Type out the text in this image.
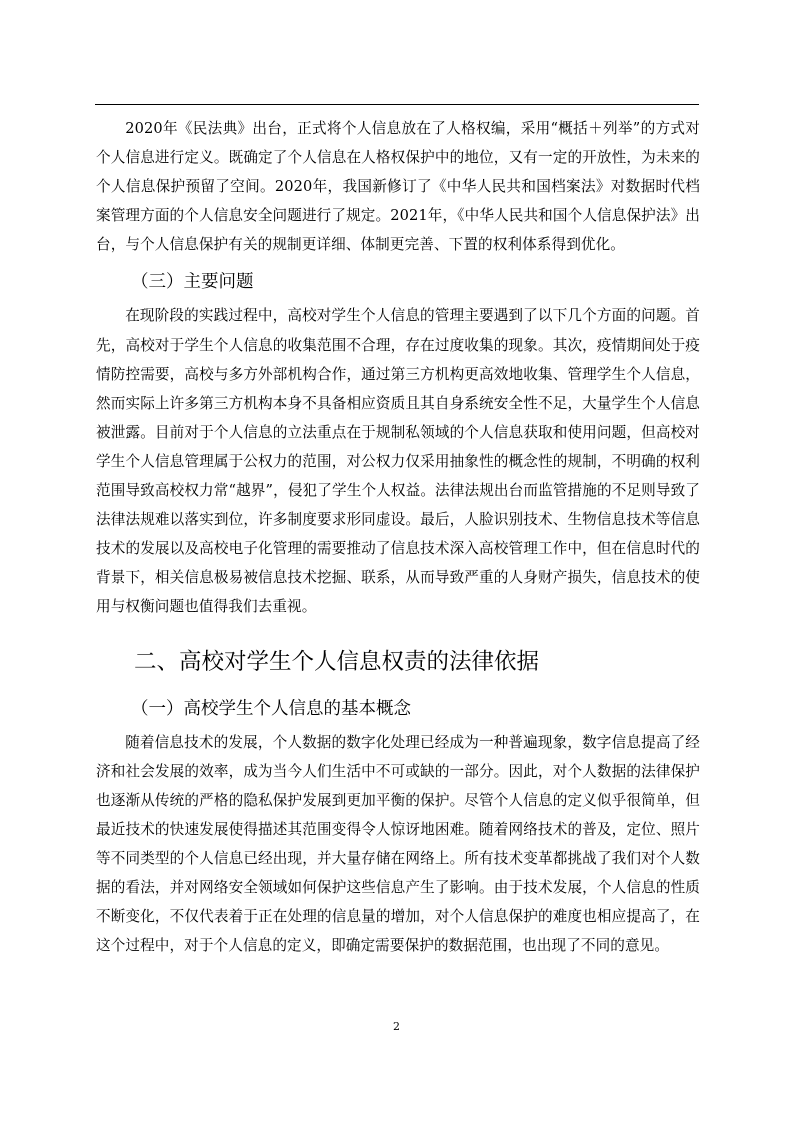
2020年《民法典》出台，正式将个人信息放在了人格权编，采用“概括＋列举”的方式对个人信息进行定义。既确定了个人信息在人格权保护中的地位，又有一定的开放性，为未来的个人信息保护预留了空间。2020年，我国新修订了《中华人民共和国档案法》对数据时代档案管理方面的个人信息安全问题进行了规定。2021年，《中华人民共和国个人信息保护法》出台，与个人信息保护有关的规制更详细、体制更完善、下置的权利体系得到优化。

（三）主要问题

在现阶段的实践过程中，高校对学生个人信息的管理主要遇到了以下几个方面的问题。首先，高校对于学生个人信息的收集范围不合理，存在过度收集的现象。其次，疫情期间处于疫情防控需要，高校与多方外部机构合作，通过第三方机构更高效地收集、管理学生个人信息，然而实际上许多第三方机构本身不具备相应资质且其自身系统安全性不足，大量学生个人信息被泄露。目前对于个人信息的立法重点在于规制私领域的个人信息获取和使用问题，但高校对学生个人信息管理属于公权力的范围，对公权力仅采用抽象性的概念性的规制，不明确的权利范围导致高校权力常“越界”，侵犯了学生个人权益。法律法规出台而监管措施的不足则导致了法律法规难以落实到位，许多制度要求形同虚设。最后，人脸识别技术、生物信息技术等信息技术的发展以及高校电子化管理的需要推动了信息技术深入高校管理工作中，但在信息时代的背景下，相关信息极易被信息技术挖掘、联系，从而导致严重的人身财产损失，信息技术的使用与权衡问题也值得我们去重视。

二、高校对学生个人信息权责的法律依据
（一）高校学生个人信息的基本概念

随着信息技术的发展，个人数据的数字化处理已经成为一种普遍现象，数字信息提高了经济和社会发展的效率，成为当今人们生活中不可或缺的一部分。因此，对个人数据的法律保护也逐渐从传统的严格的隐私保护发展到更加平衡的保护。尽管个人信息的定义似乎很简单，但最近技术的快速发展使得描述其范围变得令人惊讶地困难。随着网络技术的普及，定位、照片等不同类型的个人信息已经出现，并大量存储在网络上。所有技术变革都挑战了我们对个人数据的看法，并对网络安全领域如何保护这些信息产生了影响。由于技术发展，个人信息的性质不断变化，不仅代表着于正在处理的信息量的增加，对个人信息保护的难度也相应提高了，在这个过程中，对于个人信息的定义，即确定需要保护的数据范围，也出现了不同的意见。

2
